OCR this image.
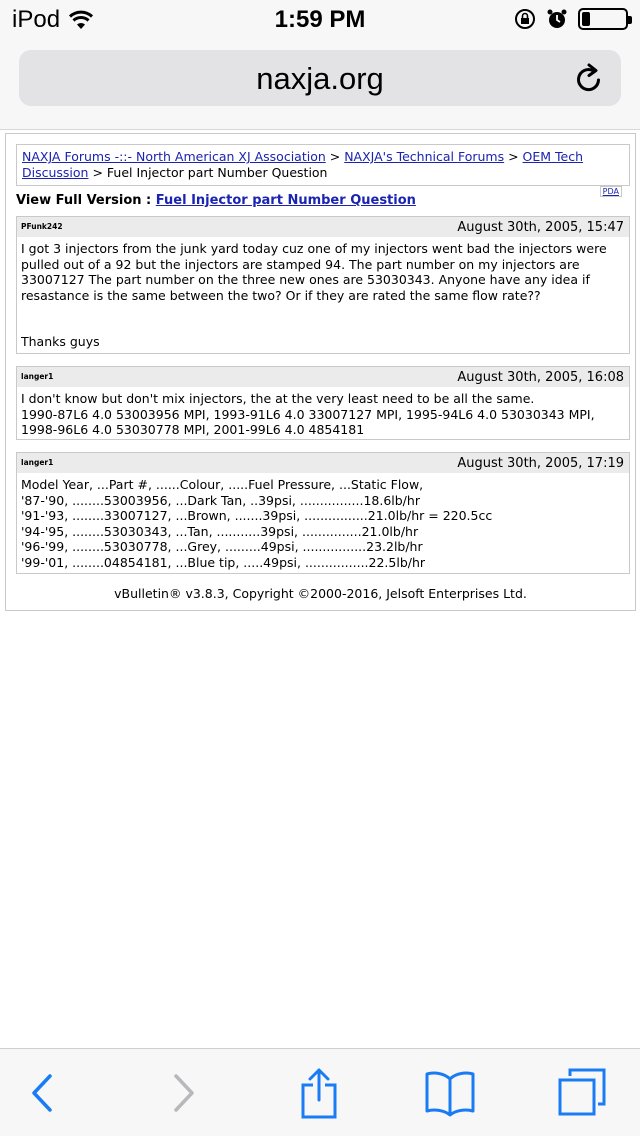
iPod	1:59 PM
naxja.org
NAXJA Forums -::- North American XJ Association > NAXJA's Technical Forums > OEM Tech Discussion > Fuel Injector part Number Question
PDA
View Full Version : Fuel Injector part Number Question
PFunk242	August 30th, 2005, 15:47
I got 3 injectors from the junk yard today cuz one of my injectors went bad the injectors were pulled out of a 92 but the injectors are stamped 94. The part number on my injectors are 33007127 The part number on the three new ones are 53030343. Anyone have any idea if resastance is the same between the two? Or if they are rated the same flow rate??

Thanks guys
langer1	August 30th, 2005, 16:08
I don't know but don't mix injectors, the at the very least need to be all the same.
1990-87L6 4.0 53003956 MPI, 1993-91L6 4.0 33007127 MPI, 1995-94L6 4.0 53030343 MPI, 1998-96L6 4.0 53030778 MPI, 2001-99L6 4.0 4854181
langer1	August 30th, 2005, 17:19
Model Year, ...Part #, ......Colour, .....Fuel Pressure, ...Static Flow,
'87-'90, ........53003956, ...Dark Tan, ..39psi, ................18.6lb/hr
'91-'93, ........33007127, ...Brown, .......39psi, ................21.0lb/hr = 220.5cc
'94-'95, ........53030343, ...Tan, ...........39psi, ...............21.0lb/hr
'96-'99, ........53030778, ...Grey, .........49psi, ................23.2lb/hr
'99-'01, ........04854181, ...Blue tip, .....49psi, ................22.5lb/hr
vBulletin® v3.8.3, Copyright ©2000-2016, Jelsoft Enterprises Ltd.
